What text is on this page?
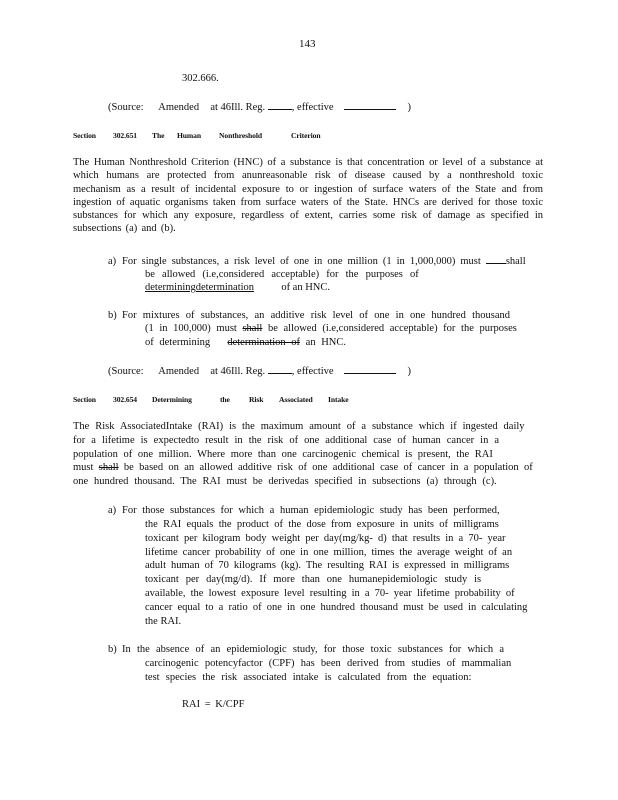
143
302.666.
(Source: Amended at 46Ill. Reg.	, effective	)
Section 302.651 The Human Nonthreshold	Criterion
The Human Nonthreshold Criterion (HNC) of a substance is that concentration or level of a substance at which humans are protected from anunreasonable risk of disease caused by a nonthreshold toxic mechanism as a result of incidental exposure to or ingestion of surface waters of the State and from ingestion of aquatic organisms taken from surface waters of the State. HNCs are derived for those toxic substances for which any exposure, regardless of extent, carries some risk of damage as specified in subsections (a) and (b).
a) For single substances, a risk level of one in one million (1 in 1,000,000) must shall
be allowed (i.e,considered acceptable) for the purposes of
determiningdetermination	of an HNC.
b) For mixtures of substances, an additive risk level of one in one hundred thousand
(1 in 100,000) must shall be allowed (i.e,considered acceptable) for the purposes
of determining determination of an HNC.
(Source: Amended at 46Ill. Reg.	, effective	)
Section 302.654 Determining	the	Risk Associated Intake
The Risk AssociatedIntake (RAI) is the maximum amount of a substance which if ingested daily
for a lifetime is expectedto result in the risk of one additional case of human cancer in a
population of one million. Where more than one carcinogenic chemical is present, the RAI
must shall be based on an allowed additive risk of one additional case of cancer in a population of
one hundred thousand. The RAI must be derivedas specified in subsections (a) through (c).
a) For those substances for which a human epidemiologic study has been performed,
the RAI equals the product of the dose from exposure in units of milligrams
toxicant per kilogram body weight per day(mg/kg- d) that results in a 70- year
lifetime cancer probability of one in one million, times the average weight of an
adult human of 70 kilograms (kg). The resulting RAI is expressed in milligrams
toxicant per day(mg/d). If more than one humanepidemiologic study is
available, the lowest exposure level resulting in a 70- year lifetime probability of
cancer equal to a ratio of one in one hundred thousand must be used in calculating
the RAI.
b) In the absence of an epidemiologic study, for those toxic substances for which a
carcinogenic potencyfactor (CPF) has been derived from studies of mammalian
test species the risk associated intake is calculated from the equation:
RAI = K/CPF
